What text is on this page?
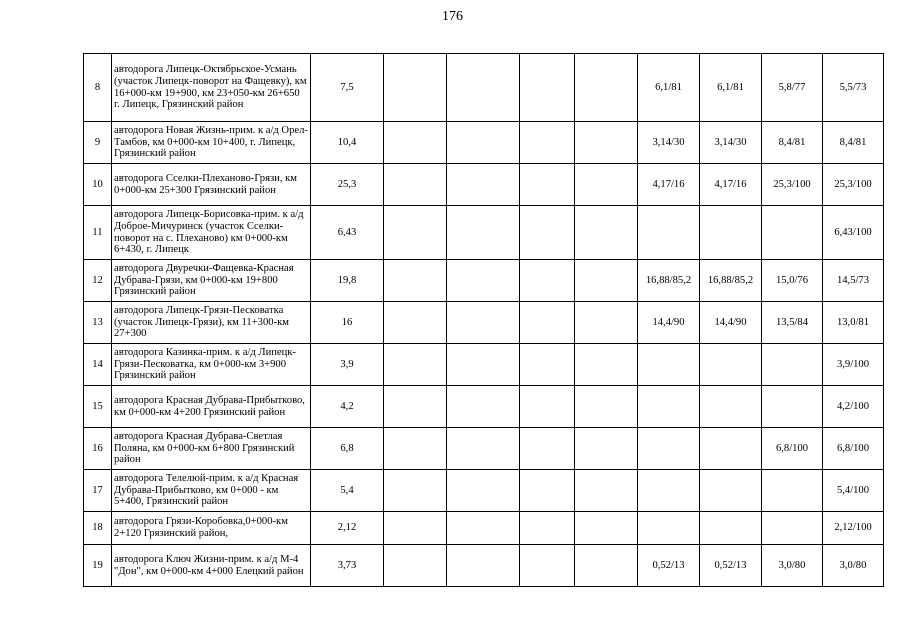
176
8	автодорога Липецк-Октябрьское-Усмань (участок Липецк-поворот на Фащевку), км 16+000-км 19+900, км 23+050-км 26+650 г. Липецк, Грязинский район	7,5					6,1/81	6,1/81	5,8/77	5,5/73
9	автодорога Новая Жизнь-прим. к а/д Орел-Тамбов, км 0+000-км 10+400, г. Липецк, Грязинский район	10,4					3,14/30	3,14/30	8,4/81	8,4/81
10	автодорога Сселки-Плеханово-Грязи, км 0+000-км 25+300 Грязинский район	25,3					4,17/16	4,17/16	25,3/100	25,3/100
11	автодорога Липецк-Борисовка-прим. к а/д Доброе-Мичуринск (участок Сселки-поворот на с. Плеханово) км 0+000-км 6+430, г. Липецк	6,43								6,43/100
12	автодорога Двуречки-Фащевка-Красная Дубрава-Грязи, км 0+000-км 19+800 Грязинский район	19,8					16,88/85,2	16,88/85,2	15,0/76	14,5/73
13	автодорога Липецк-Грязи-Песковатка (участок Липецк-Грязи), км 11+300-км 27+300	16					14,4/90	14,4/90	13,5/84	13,0/81
14	автодорога Казинка-прим. к а/д Липецк-Грязи-Песковатка, км 0+000-км 3+900 Грязинский район	3,9								3,9/100
15	автодорога Красная Дубрава-Прибытково, км 0+000-км 4+200 Грязинский район	4,2								4,2/100
16	автодорога Красная Дубрава-Светлая Поляна, км 0+000-км 6+800 Грязинский район	6,8							6,8/100	6,8/100
17	автодорога Телелюй-прим. к а/д Красная Дубрава-Прибытково, км 0+000 - км 5+400, Грязинский район	5,4								5,4/100
18	автодорога Грязи-Коробовка,0+000-км 2+120 Грязинский район,	2,12								2,12/100
19	автодорога Ключ Жизни-прим. к а/д М-4 "Дон", км 0+000-км 4+000 Елецкий район	3,73					0,52/13	0,52/13	3,0/80	3,0/80
